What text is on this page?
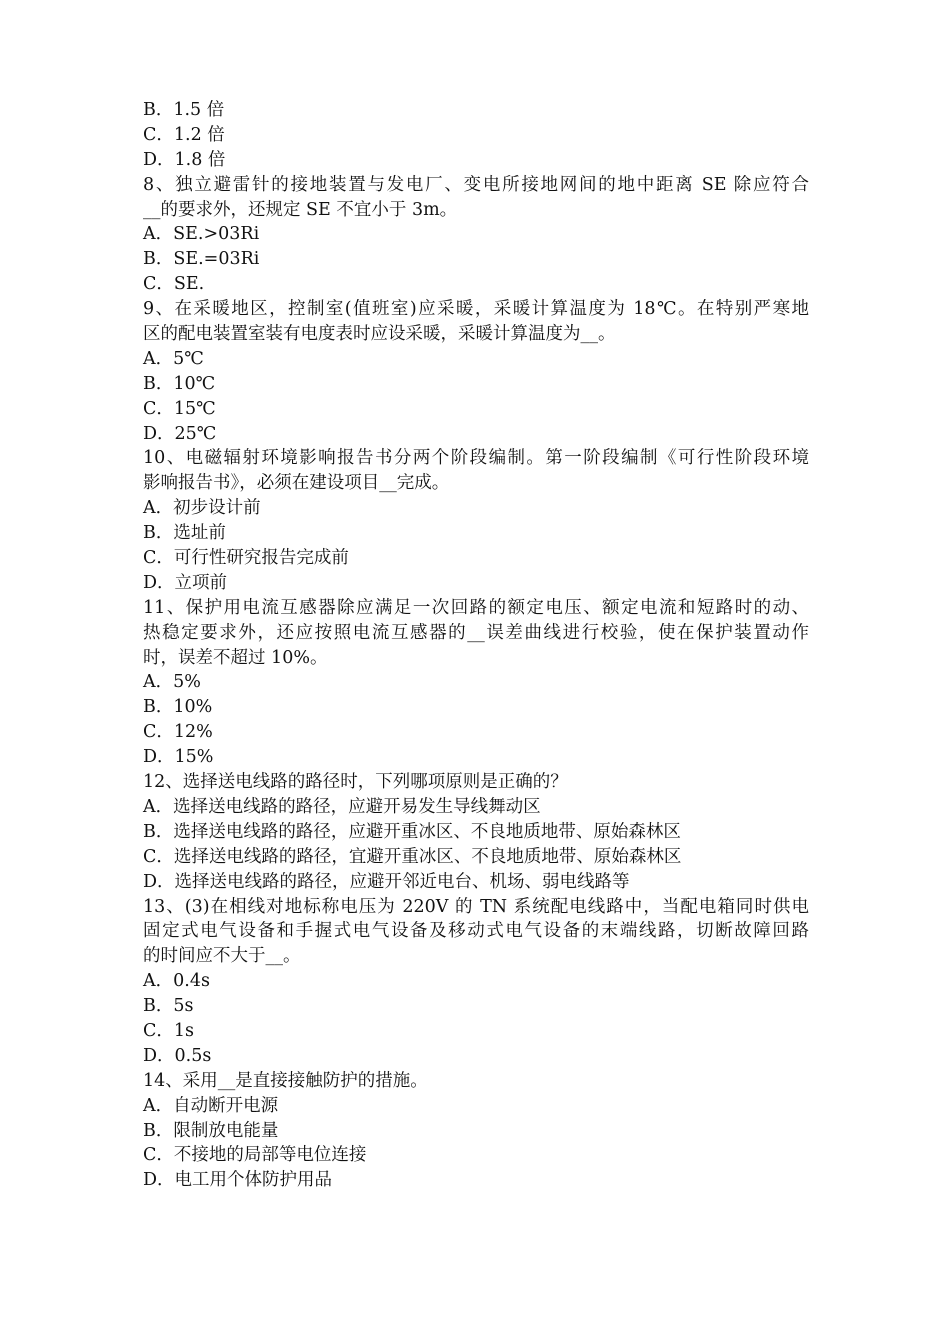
B．1.5 倍
C．1.2 倍
D．1.8 倍
8、独立避雷针的接地装置与发电厂、变电所接地网间的地中距离 SE 除应符合
__的要求外，还规定 SE 不宜小于 3m。
A．SE.>03Ri
B．SE.=03Ri
C．SE.
9、在采暖地区，控制室(值班室)应采暖，采暖计算温度为 18℃。在特别严寒地
区的配电装置室装有电度表时应设采暖，采暖计算温度为__。
A．5℃
B．10℃
C．15℃
D．25℃
10、电磁辐射环境影响报告书分两个阶段编制。第一阶段编制《可行性阶段环境
影响报告书》，必须在建设项目__完成。
A．初步设计前
B．选址前
C．可行性研究报告完成前
D．立项前
11、保护用电流互感器除应满足一次回路的额定电压、额定电流和短路时的动、
热稳定要求外，还应按照电流互感器的__误差曲线进行校验，使在保护装置动作
时，误差不超过 10%。
A．5%
B．10%
C．12%
D．15%
12、选择送电线路的路径时，下列哪项原则是正确的？
A．选择送电线路的路径，应避开易发生导线舞动区
B．选择送电线路的路径，应避开重冰区、不良地质地带、原始森林区
C．选择送电线路的路径，宜避开重冰区、不良地质地带、原始森林区
D．选择送电线路的路径，应避开邻近电台、机场、弱电线路等
13、(3)在相线对地标称电压为 220V 的 TN 系统配电线路中，当配电箱同时供电
固定式电气设备和手握式电气设备及移动式电气设备的末端线路，切断故障回路
的时间应不大于__。
A．0.4s
B．5s
C．1s
D．0.5s
14、采用__是直接接触防护的措施。
A．自动断开电源
B．限制放电能量
C．不接地的局部等电位连接
D．电工用个体防护用品
